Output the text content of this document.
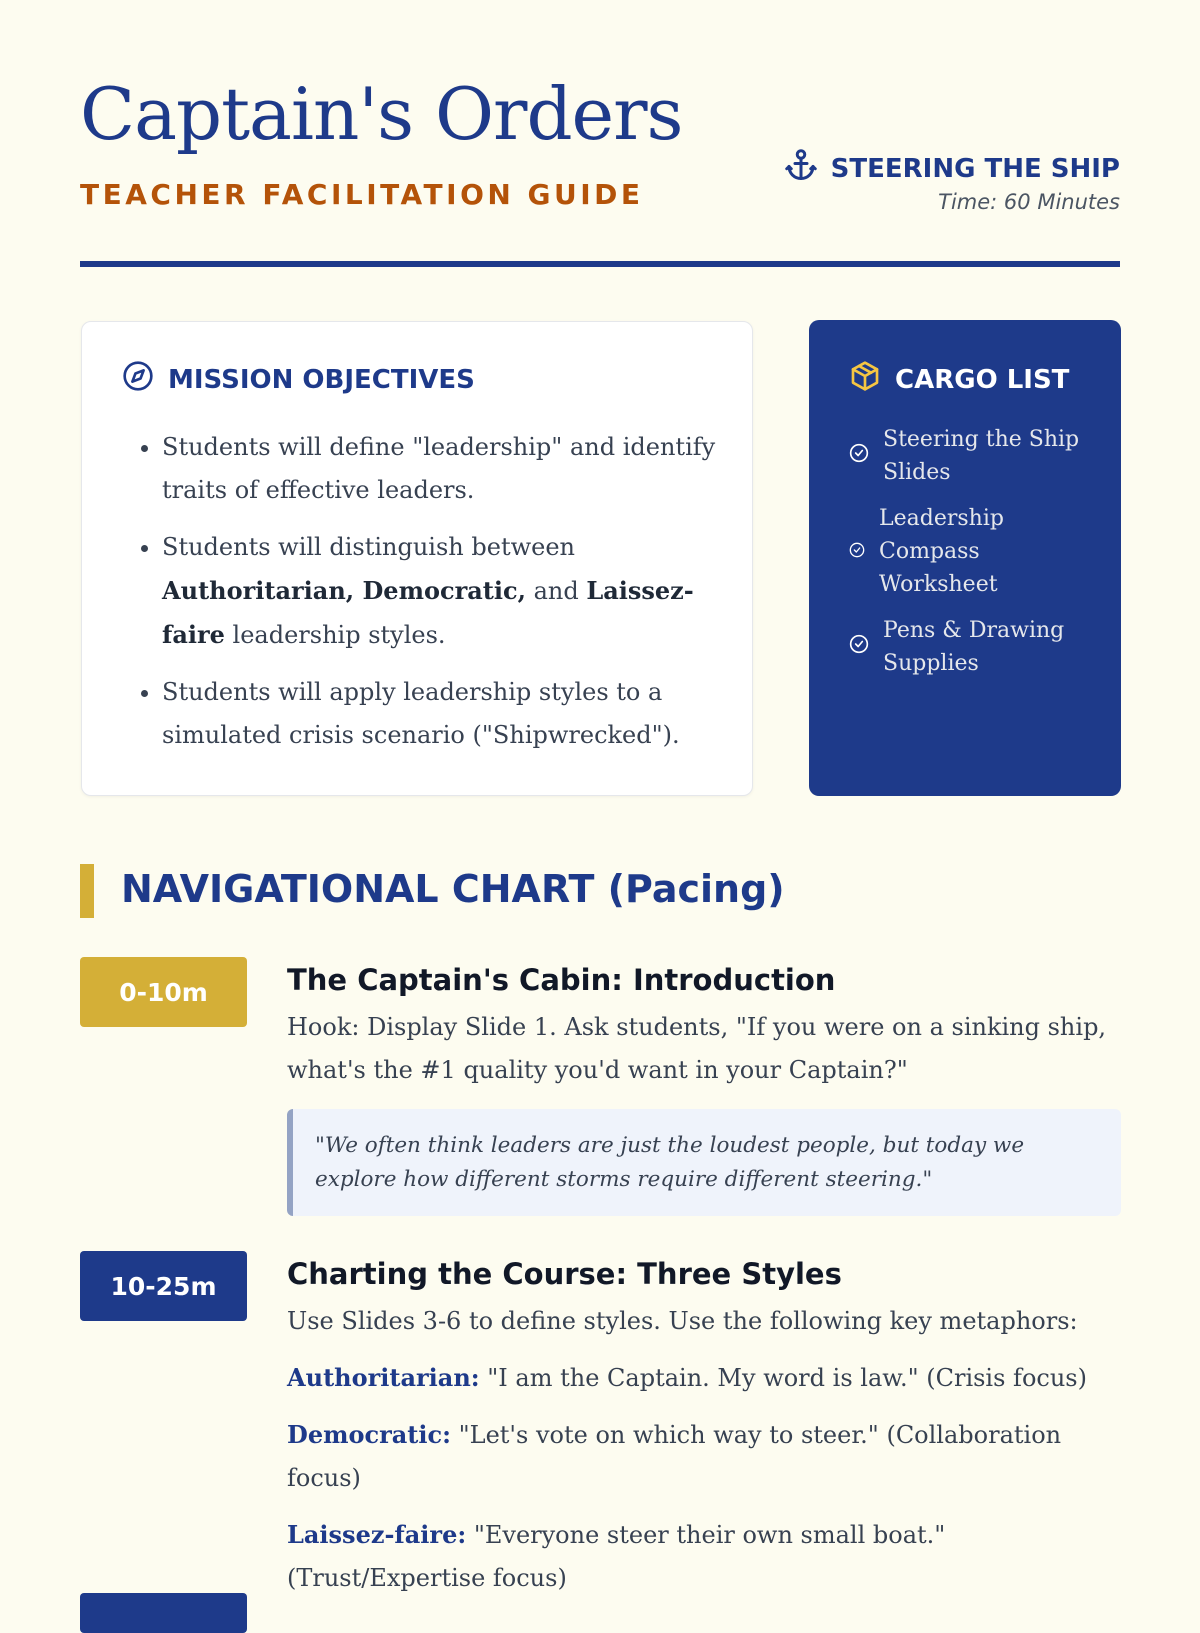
Captain's Orders
TEACHER FACILITATION GUIDE
STEERING THE SHIP
Time: 60 Minutes
MISSION OBJECTIVES
• Students will define "leadership" and identify traits of effective leaders.
• Students will distinguish between Authoritarian, Democratic, and Laissez-faire leadership styles.
• Students will apply leadership styles to a simulated crisis scenario ("Shipwrecked").
CARGO LIST
Steering the Ship Slides
Leadership Compass Worksheet
Pens & Drawing Supplies
NAVIGATIONAL CHART (Pacing)
0-10m	The Captain's Cabin: Introduction

Hook: Display Slide 1. Ask students, "If you were on a sinking ship, what's the #1 quality you'd want in your Captain?"

"We often think leaders are just the loudest people, but today we explore how different storms require different steering."
10-25m	Charting the Course: Three Styles

Use Slides 3-6 to define styles. Use the following key metaphors:

Authoritarian: "I am the Captain. My word is law." (Crisis focus)

Democratic: "Let's vote on which way to steer." (Collaboration focus)

Laissez-faire: "Everyone steer their own small boat." (Trust/Expertise focus)
